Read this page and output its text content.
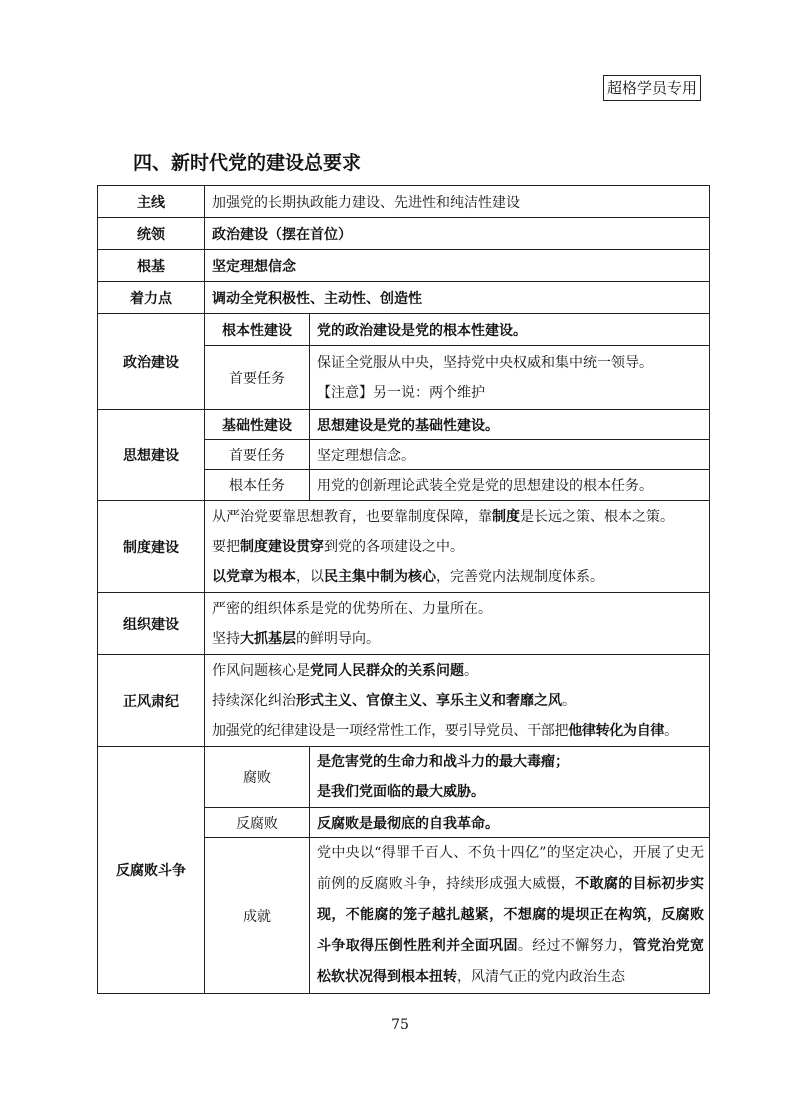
超格学员专用
四、新时代党的建设总要求
主线	加强党的长期执政能力建设、先进性和纯洁性建设	
统领	政治建设（摆在首位）	
根基	坚定理想信念	
着力点	调动全党积极性、主动性、创造性	
政治建设	根本性建设	党的政治建设是党的根本性建设。
	首要任务	保证全党服从中央，坚持党中央权威和集中统一领导。
【注意】另一说：两个维护

思想建设	基础性建设	思想建设是党的基础性建设。
	首要任务	坚定理想信念。
	根本任务	用党的创新理论武装全党是党的思想建设的根本任务。
制度建设	从严治党要靠思想教育，也要靠制度保障，靠制度是长远之策、根本之策。
要把制度建设贯穿到党的各项建设之中。
以党章为根本，以民主集中制为核心，完善党内法规制度体系。	

组织建设	严密的组织体系是党的优势所在、力量所在。
坚持大抓基层的鲜明导向。	

正风肃纪	作风问题核心是党同人民群众的关系问题。
持续深化纠治形式主义、官僚主义、享乐主义和奢靡之风。
加强党的纪律建设是一项经常性工作，要引导党员、干部把他律转化为自律。	

反腐败斗争	腐败	是危害党的生命力和战斗力的最大毒瘤；
是我们党面临的最大威胁。

	反腐败	反腐败是最彻底的自我革命。
	成就	党中央以“得罪千百人、不负十四亿”的坚定决心，开展了史无前例的反腐败斗争，持续形成强大威慑，不敢腐的目标初步实现，不能腐的笼子越扎越紧，不想腐的堤坝正在构筑，反腐败斗争取得压倒性胜利并全面巩固。经过不懈努力，管党治党宽松软状况得到根本扭转，风清气正的党内政治生态
75
